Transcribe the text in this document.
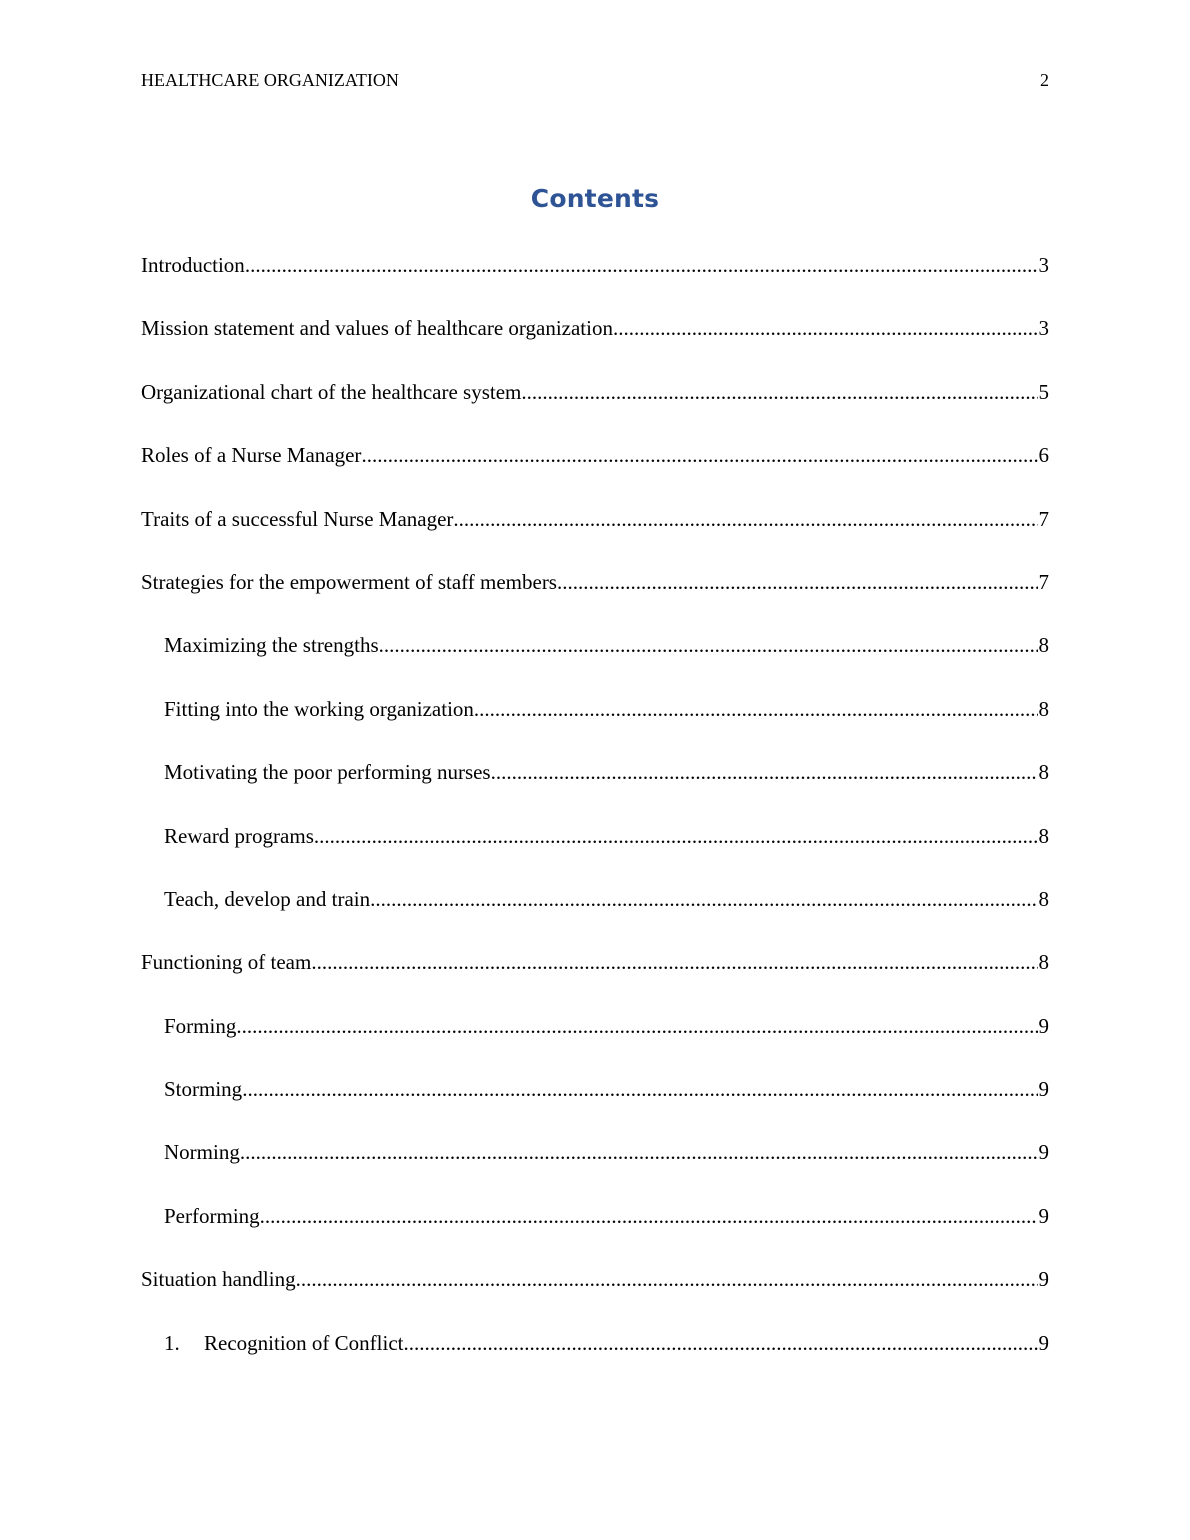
HEALTHCARE ORGANIZATION	2
Contents
Introduction .....	3
Mission statement and values of healthcare organization .....	3
Organizational chart of the healthcare system .....	5
Roles of a Nurse Manager .....	6
Traits of a successful Nurse Manager .....	7
Strategies for the empowerment of staff members .....	7
Maximizing the strengths .....	8
Fitting into the working organization .....	8
Motivating the poor performing nurses .....	8
Reward programs .....	8
Teach, develop and train .....	8
Functioning of team .....	8
Forming .....	9
Storming .....	9
Norming .....	9
Performing .....	9
Situation handling .....	9
1.	Recognition of Conflict .....	9
